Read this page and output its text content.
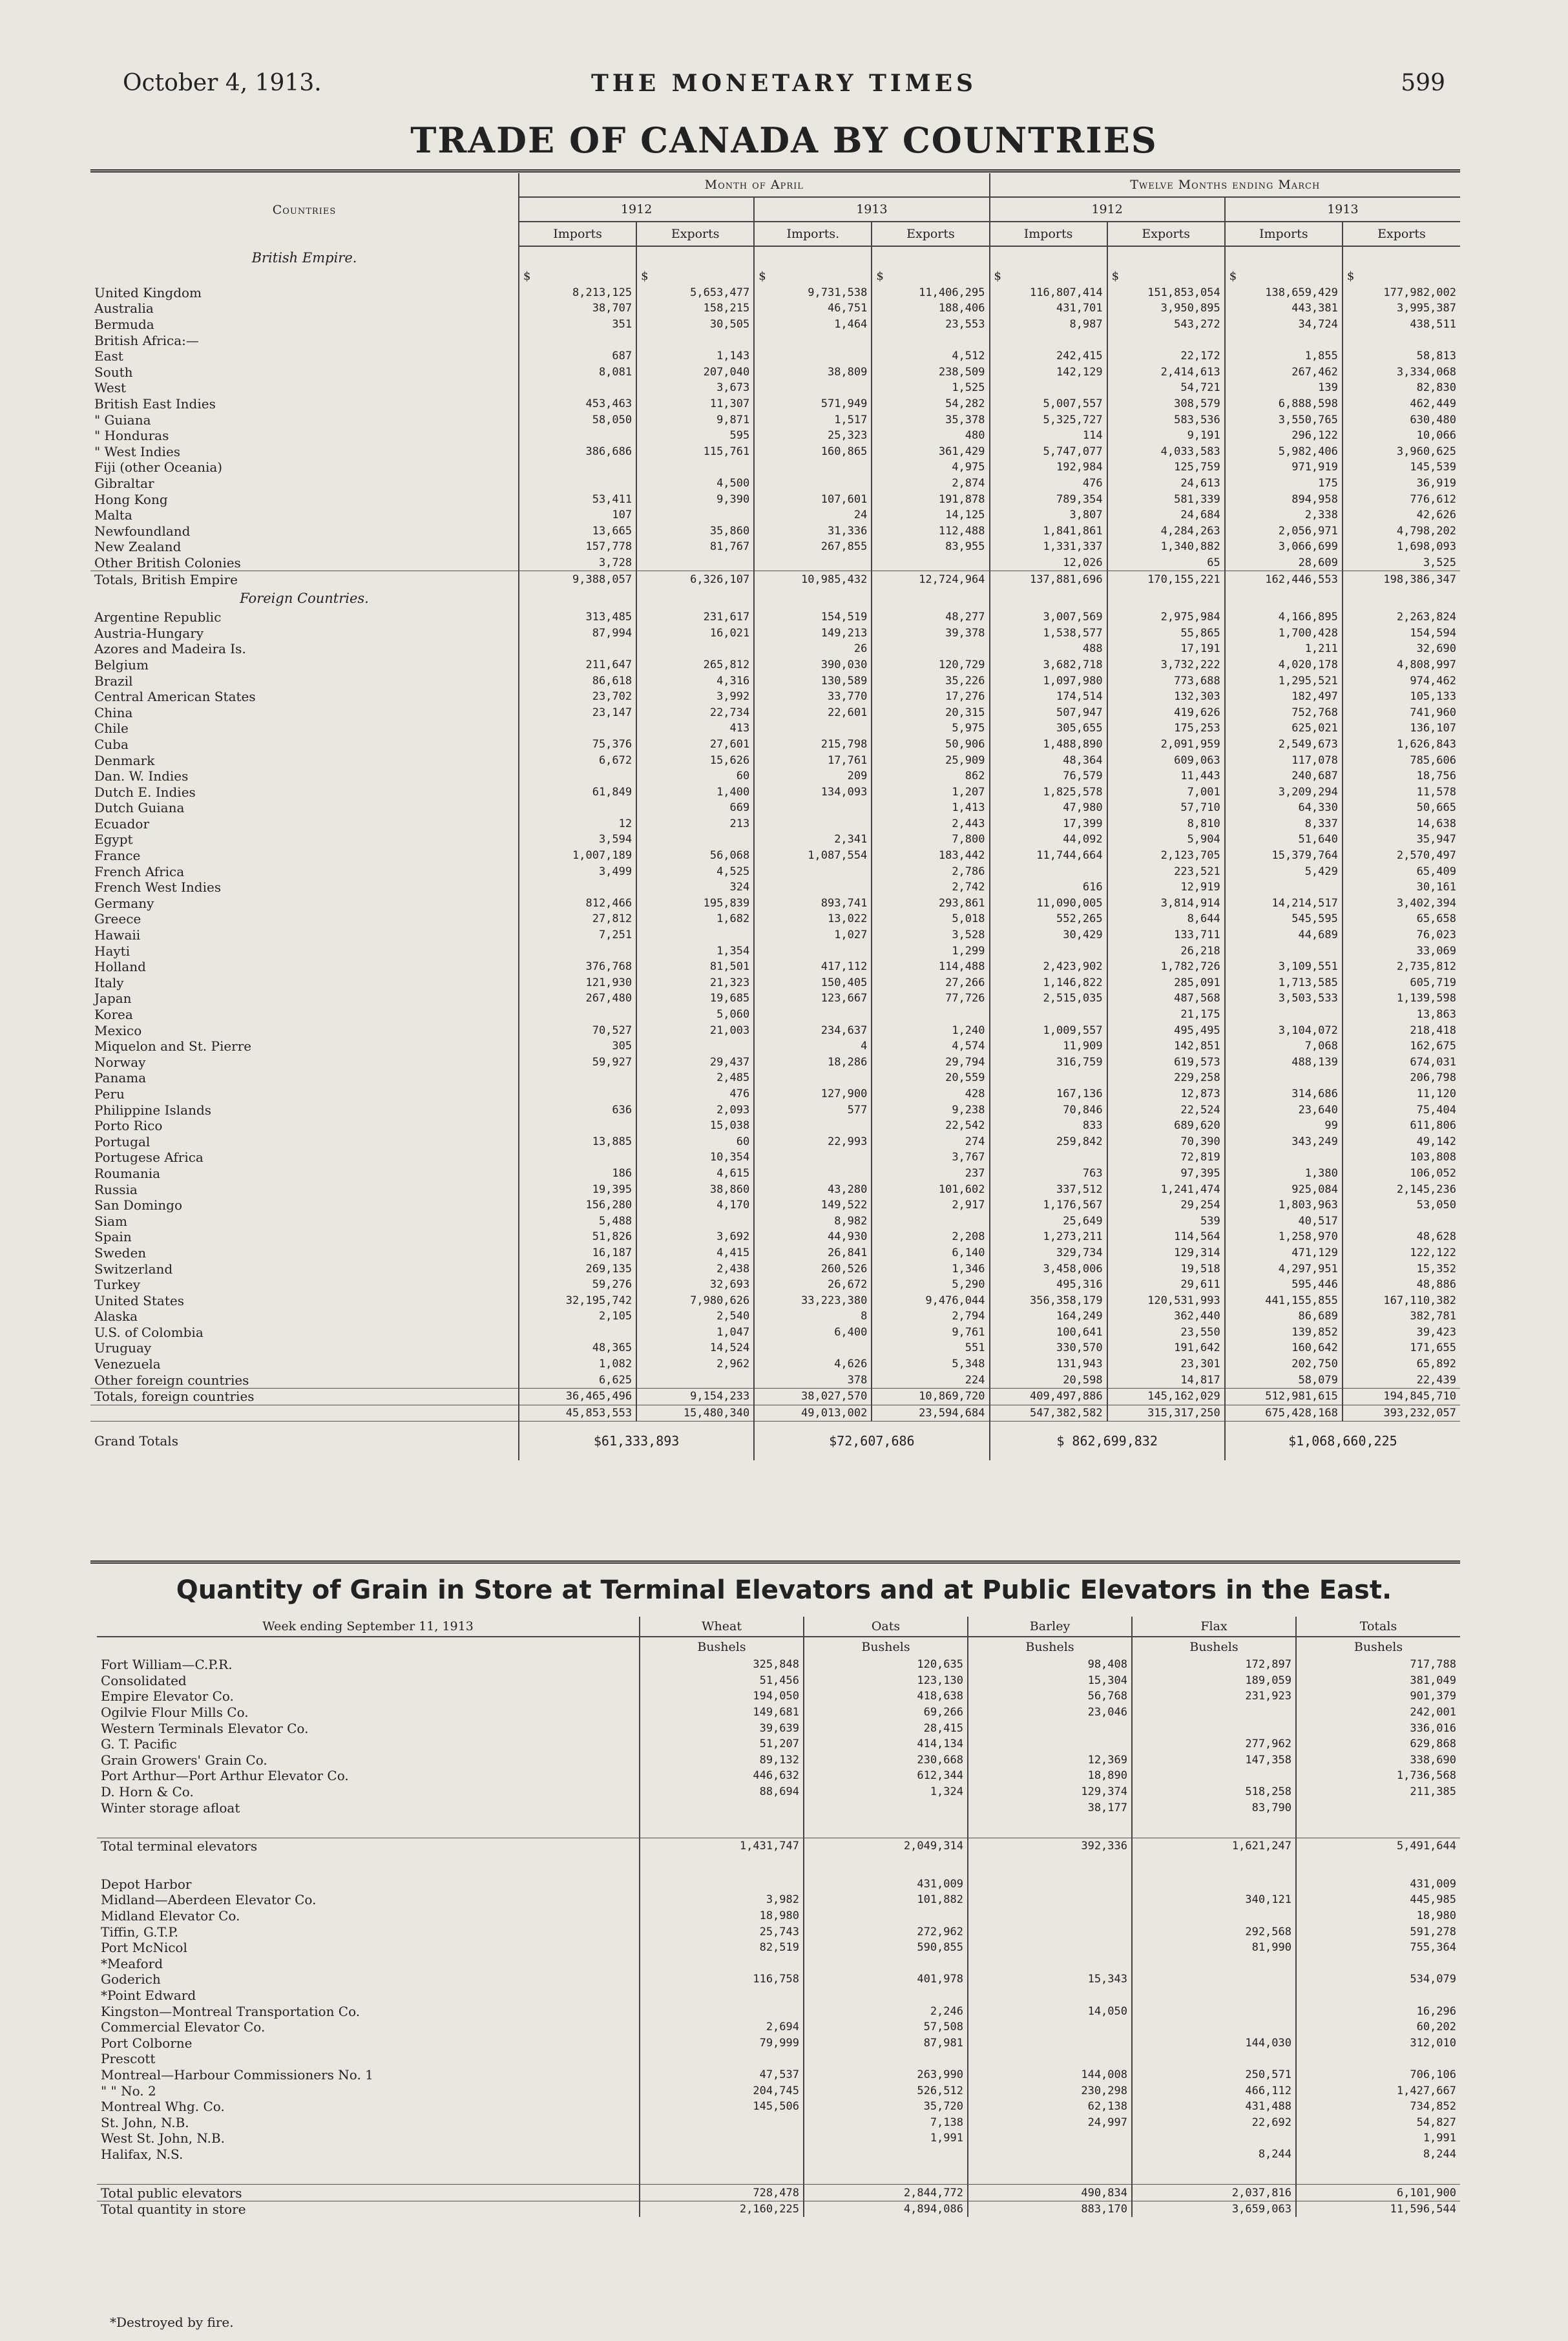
October 4, 1913.	THE MONETARY TIMES	599
TRADE OF CANADA BY COUNTRIES
Countries	Month of April				Twelve Months ending March			
	1912		1913		1912		1913	
	Imports	Exports	Imports.	Exports	Imports	Exports	Imports	Exports
British Empire.								
	$	$	$	$	$	$	$	$
United Kingdom	8,213,125	5,653,477	9,731,538	11,406,295	116,807,414	151,853,054	138,659,429	177,982,002
Australia	38,707	158,215	46,751	188,406	431,701	3,950,895	443,381	3,995,387
Bermuda	351	30,505	1,464	23,553	8,987	543,272	34,724	438,511
British Africa:—								
East	687	1,143		4,512	242,415	22,172	1,855	58,813
South	8,081	207,040	38,809	238,509	142,129	2,414,613	267,462	3,334,068
West		3,673		1,525		54,721	139	82,830
British East Indies	453,463	11,307	571,949	54,282	5,007,557	308,579	6,888,598	462,449
" Guiana	58,050	9,871	1,517	35,378	5,325,727	583,536	3,550,765	630,480
" Honduras		595	25,323	480	114	9,191	296,122	10,066
" West Indies	386,686	115,761	160,865	361,429	5,747,077	4,033,583	5,982,406	3,960,625
Fiji (other Oceania)				4,975	192,984	125,759	971,919	145,539
Gibraltar		4,500		2,874	476	24,613	175	36,919
Hong Kong	53,411	9,390	107,601	191,878	789,354	581,339	894,958	776,612
Malta	107		24	14,125	3,807	24,684	2,338	42,626
Newfoundland	13,665	35,860	31,336	112,488	1,841,861	4,284,263	2,056,971	4,798,202
New Zealand	157,778	81,767	267,855	83,955	1,331,337	1,340,882	3,066,699	1,698,093
Other British Colonies	3,728				12,026	65	28,609	3,525
Totals, British Empire	9,388,057	6,326,107	10,985,432	12,724,964	137,881,696	170,155,221	162,446,553	198,386,347
Foreign Countries.								
Argentine Republic	313,485	231,617	154,519	48,277	3,007,569	2,975,984	4,166,895	2,263,824
Austria-Hungary	87,994	16,021	149,213	39,378	1,538,577	55,865	1,700,428	154,594
Azores and Madeira Is.			26		488	17,191	1,211	32,690
Belgium	211,647	265,812	390,030	120,729	3,682,718	3,732,222	4,020,178	4,808,997
Brazil	86,618	4,316	130,589	35,226	1,097,980	773,688	1,295,521	974,462
Central American States	23,702	3,992	33,770	17,276	174,514	132,303	182,497	105,133
China	23,147	22,734	22,601	20,315	507,947	419,626	752,768	741,960
Chile		413		5,975	305,655	175,253	625,021	136,107
Cuba	75,376	27,601	215,798	50,906	1,488,890	2,091,959	2,549,673	1,626,843
Denmark	6,672	15,626	17,761	25,909	48,364	609,063	117,078	785,606
Dan. W. Indies		60	209	862	76,579	11,443	240,687	18,756
Dutch E. Indies	61,849	1,400	134,093	1,207	1,825,578	7,001	3,209,294	11,578
Dutch Guiana		669		1,413	47,980	57,710	64,330	50,665
Ecuador	12	213		2,443	17,399	8,810	8,337	14,638
Egypt	3,594		2,341	7,800	44,092	5,904	51,640	35,947
France	1,007,189	56,068	1,087,554	183,442	11,744,664	2,123,705	15,379,764	2,570,497
French Africa	3,499	4,525		2,786		223,521	5,429	65,409
French West Indies		324		2,742	616	12,919		30,161
Germany	812,466	195,839	893,741	293,861	11,090,005	3,814,914	14,214,517	3,402,394
Greece	27,812	1,682	13,022	5,018	552,265	8,644	545,595	65,658
Hawaii	7,251		1,027	3,528	30,429	133,711	44,689	76,023
Hayti		1,354		1,299		26,218		33,069
Holland	376,768	81,501	417,112	114,488	2,423,902	1,782,726	3,109,551	2,735,812
Italy	121,930	21,323	150,405	27,266	1,146,822	285,091	1,713,585	605,719
Japan	267,480	19,685	123,667	77,726	2,515,035	487,568	3,503,533	1,139,598
Korea		5,060				21,175		13,863
Mexico	70,527	21,003	234,637	1,240	1,009,557	495,495	3,104,072	218,418
Miquelon and St. Pierre	305		4	4,574	11,909	142,851	7,068	162,675
Norway	59,927	29,437	18,286	29,794	316,759	619,573	488,139	674,031
Panama		2,485		20,559		229,258		206,798
Peru		476	127,900	428	167,136	12,873	314,686	11,120
Philippine Islands	636	2,093	577	9,238	70,846	22,524	23,640	75,404
Porto Rico		15,038		22,542	833	689,620	99	611,806
Portugal	13,885	60	22,993	274	259,842	70,390	343,249	49,142
Portugese Africa		10,354		3,767		72,819		103,808
Roumania	186	4,615		237	763	97,395	1,380	106,052
Russia	19,395	38,860	43,280	101,602	337,512	1,241,474	925,084	2,145,236
San Domingo	156,280	4,170	149,522	2,917	1,176,567	29,254	1,803,963	53,050
Siam	5,488		8,982		25,649	539	40,517	
Spain	51,826	3,692	44,930	2,208	1,273,211	114,564	1,258,970	48,628
Sweden	16,187	4,415	26,841	6,140	329,734	129,314	471,129	122,122
Switzerland	269,135	2,438	260,526	1,346	3,458,006	19,518	4,297,951	15,352
Turkey	59,276	32,693	26,672	5,290	495,316	29,611	595,446	48,886
United States	32,195,742	7,980,626	33,223,380	9,476,044	356,358,179	120,531,993	441,155,855	167,110,382
Alaska	2,105	2,540	8	2,794	164,249	362,440	86,689	382,781
U.S. of Colombia		1,047	6,400	9,761	100,641	23,550	139,852	39,423
Uruguay	48,365	14,524		551	330,570	191,642	160,642	171,655
Venezuela	1,082	2,962	4,626	5,348	131,943	23,301	202,750	65,892
Other foreign countries	6,625		378	224	20,598	14,817	58,079	22,439
Totals, foreign countries	36,465,496	9,154,233	38,027,570	10,869,720	409,497,886	145,162,029	512,981,615	194,845,710
	45,853,553	15,480,340	49,013,002	23,594,684	547,382,582	315,317,250	675,428,168	393,232,057
Grand Totals	$61,333,893		$72,607,686		$ 862,699,832		$1,068,660,225	
Quantity of Grain in Store at Terminal Elevators and at Public Elevators in the East.
Week ending September 11, 1913	Wheat	Oats	Barley	Flax	Totals
	Bushels	Bushels	Bushels	Bushels	Bushels
Fort William—C.P.R.	325,848	120,635	98,408	172,897	717,788
Consolidated	51,456	123,130	15,304	189,059	381,049
Empire Elevator Co.	194,050	418,638	56,768	231,923	901,379
Ogilvie Flour Mills Co.	149,681	69,266	23,046		242,001
Western Terminals Elevator Co.	39,639	28,415			336,016
G. T. Pacific	51,207	414,134		277,962	629,868
Grain Growers' Grain Co.	89,132	230,668	12,369	147,358	338,690
Port Arthur—Port Arthur Elevator Co.	446,632	612,344	18,890		1,736,568
D. Horn & Co.	88,694	1,324	129,374	518,258	211,385
Winter storage afloat			38,177	83,790	

Total terminal elevators	1,431,747	2,049,314	392,336	1,621,247	5,491,644

Depot Harbor		431,009			431,009
Midland—Aberdeen Elevator Co.	3,982	101,882		340,121	445,985
Midland Elevator Co.	18,980				18,980
Tiffin, G.T.P.	25,743	272,962		292,568	591,278
Port McNicol	82,519	590,855		81,990	755,364
*Meaford					
Goderich	116,758	401,978	15,343		534,079
*Point Edward					
Kingston—Montreal Transportation Co.		2,246	14,050		16,296
Commercial Elevator Co.	2,694	57,508			60,202
Port Colborne	79,999	87,981		144,030	312,010
Prescott					
Montreal—Harbour Commissioners No. 1	47,537	263,990	144,008	250,571	706,106
" " No. 2	204,745	526,512	230,298	466,112	1,427,667
Montreal Whg. Co.	145,506	35,720	62,138	431,488	734,852
St. John, N.B.		7,138	24,997	22,692	54,827
West St. John, N.B.		1,991			1,991
Halifax, N.S.				8,244	8,244

Total public elevators	728,478	2,844,772	490,834	2,037,816	6,101,900
Total quantity in store	2,160,225	4,894,086	883,170	3,659,063	11,596,544
*Destroyed by fire.
